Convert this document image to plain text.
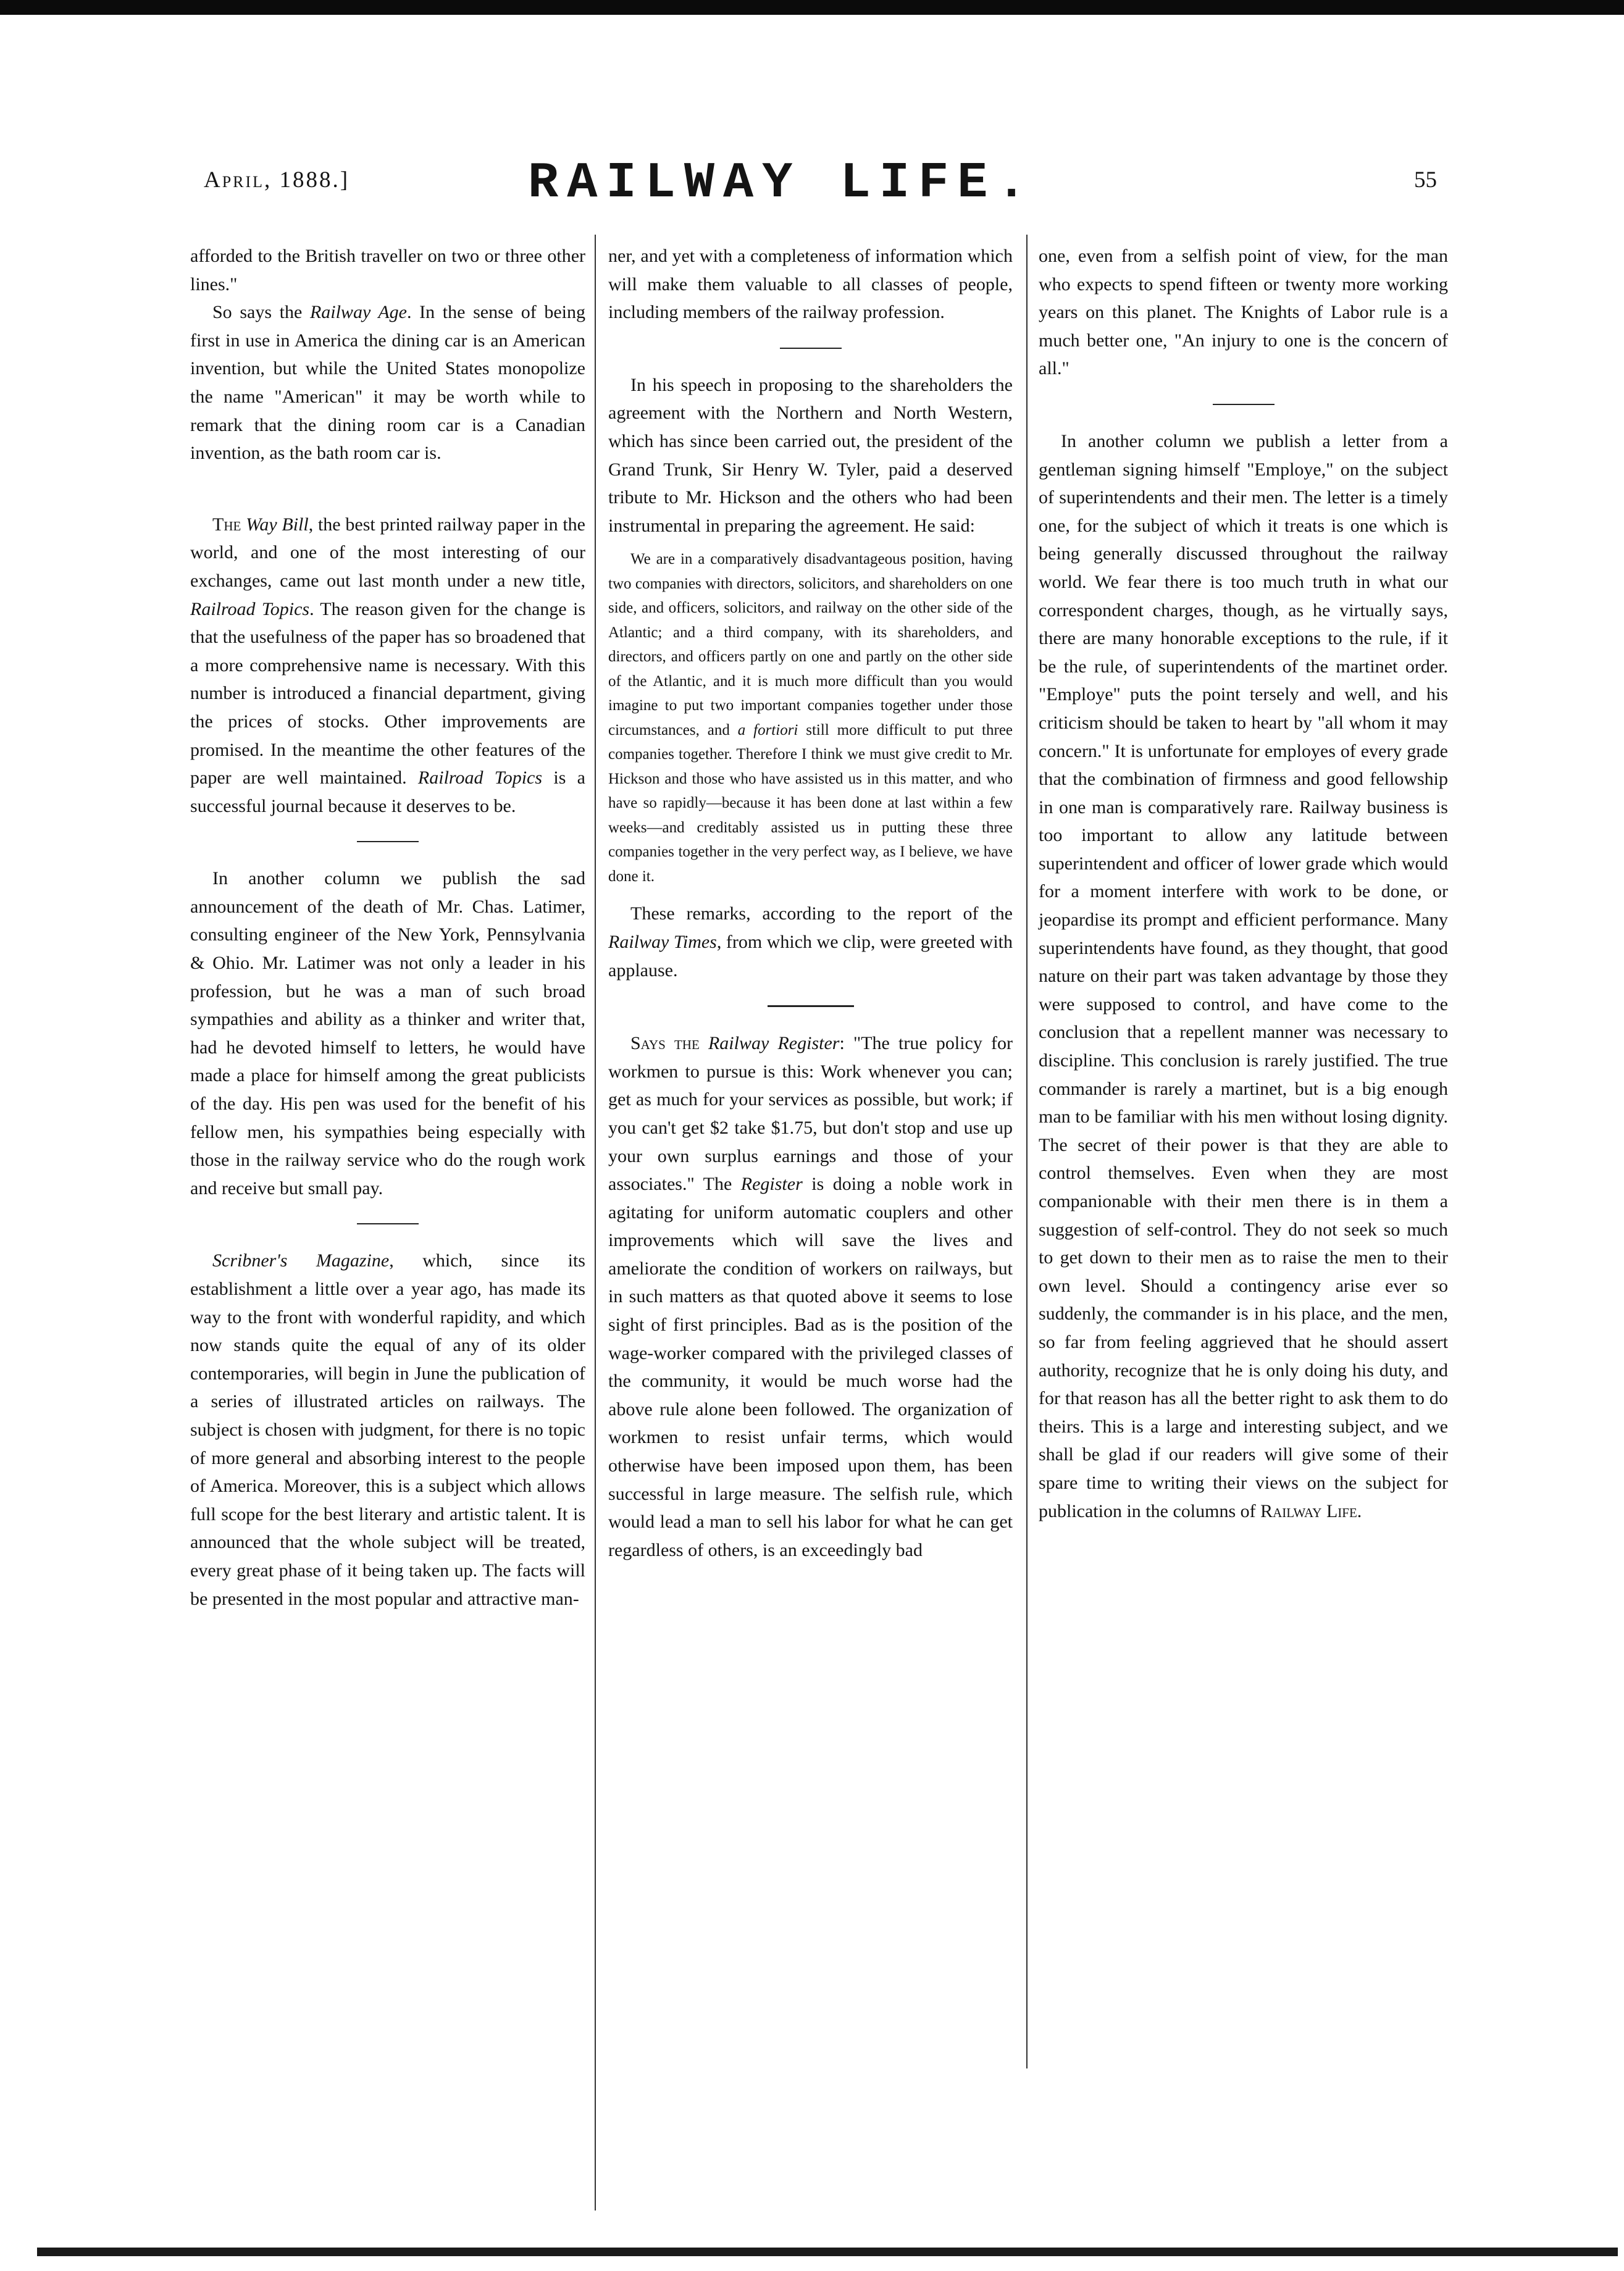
April, 1888.]	RAILWAY LIFE.	55

afforded to the British traveller on two or three other lines."

So says the Railway Age. In the sense of being first in use in America the dining car is an American invention, but while the United States monopolize the name "American" it may be worth while to remark that the dining room car is a Canadian invention, as the bath room car is.

The Way Bill, the best printed railway paper in the world, and one of the most interesting of our exchanges, came out last month under a new title, Railroad Topics. The reason given for the change is that the usefulness of the paper has so broadened that a more comprehensive name is necessary. With this number is introduced a financial department, giving the prices of stocks. Other improvements are promised. In the meantime the other features of the paper are well maintained. Railroad Topics is a successful journal because it deserves to be.

In another column we publish the sad announcement of the death of Mr. Chas. Latimer, consulting engineer of the New York, Pennsylvania & Ohio. Mr. Latimer was not only a leader in his profession, but he was a man of such broad sympathies and ability as a thinker and writer that, had he devoted himself to letters, he would have made a place for himself among the great publicists of the day. His pen was used for the benefit of his fellow men, his sympathies being especially with those in the railway service who do the rough work and receive but small pay.

Scribner's Magazine, which, since its establishment a little over a year ago, has made its way to the front with wonderful rapidity, and which now stands quite the equal of any of its older contemporaries, will begin in June the publication of a series of illustrated articles on railways. The subject is chosen with judgment, for there is no topic of more general and absorbing interest to the people of America. Moreover, this is a subject which allows full scope for the best literary and artistic talent. It is announced that the whole subject will be treated, every great phase of it being taken up. The facts will be presented in the most popular and attractive man-

ner, and yet with a completeness of information which will make them valuable to all classes of people, including members of the railway profession.

In his speech in proposing to the shareholders the agreement with the Northern and North Western, which has since been carried out, the president of the Grand Trunk, Sir Henry W. Tyler, paid a deserved tribute to Mr. Hickson and the others who had been instrumental in preparing the agreement. He said:

We are in a comparatively disadvantageous position, having two companies with directors, solicitors, and shareholders on one side, and officers, solicitors, and railway on the other side of the Atlantic; and a third company, with its shareholders, and directors, and officers partly on one and partly on the other side of the Atlantic, and it is much more difficult than you would imagine to put two important companies together under those circumstances, and a fortiori still more difficult to put three companies together. Therefore I think we must give credit to Mr. Hickson and those who have assisted us in this matter, and who have so rapidly—because it has been done at last within a few weeks—and creditably assisted us in putting these three companies together in the very perfect way, as I believe, we have done it.

These remarks, according to the report of the Railway Times, from which we clip, were greeted with applause.

Says the Railway Register: "The true policy for workmen to pursue is this: Work whenever you can; get as much for your services as possible, but work; if you can't get $2 take $1.75, but don't stop and use up your own surplus earnings and those of your associates." The Register is doing a noble work in agitating for uniform automatic couplers and other improvements which will save the lives and ameliorate the condition of workers on railways, but in such matters as that quoted above it seems to lose sight of first principles. Bad as is the position of the wage-worker compared with the privileged classes of the community, it would be much worse had the above rule alone been followed. The organization of workmen to resist unfair terms, which would otherwise have been imposed upon them, has been successful in large measure. The selfish rule, which would lead a man to sell his labor for what he can get regardless of others, is an exceedingly bad

one, even from a selfish point of view, for the man who expects to spend fifteen or twenty more working years on this planet. The Knights of Labor rule is a much better one, "An injury to one is the concern of all."

In another column we publish a letter from a gentleman signing himself "Employe," on the subject of superintendents and their men. The letter is a timely one, for the subject of which it treats is one which is being generally discussed throughout the railway world. We fear there is too much truth in what our correspondent charges, though, as he virtually says, there are many honorable exceptions to the rule, if it be the rule, of superintendents of the martinet order. "Employe" puts the point tersely and well, and his criticism should be taken to heart by "all whom it may concern." It is unfortunate for employes of every grade that the combination of firmness and good fellowship in one man is comparatively rare. Railway business is too important to allow any latitude between superintendent and officer of lower grade which would for a moment interfere with work to be done, or jeopardise its prompt and efficient performance. Many superintendents have found, as they thought, that good nature on their part was taken advantage by those they were supposed to control, and have come to the conclusion that a repellent manner was necessary to discipline. This conclusion is rarely justified. The true commander is rarely a martinet, but is a big enough man to be familiar with his men without losing dignity. The secret of their power is that they are able to control themselves. Even when they are most companionable with their men there is in them a suggestion of self-control. They do not seek so much to get down to their men as to raise the men to their own level. Should a contingency arise ever so suddenly, the commander is in his place, and the men, so far from feeling aggrieved that he should assert authority, recognize that he is only doing his duty, and for that reason has all the better right to ask them to do theirs. This is a large and interesting subject, and we shall be glad if our readers will give some of their spare time to writing their views on the subject for publication in the columns of Railway Life.
